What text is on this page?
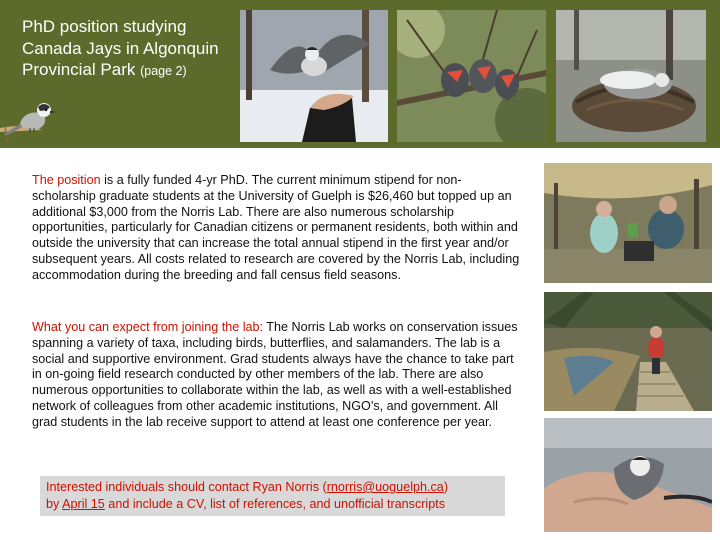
PhD position studying Canada Jays in Algonquin Provincial Park (page 2)
The position is a fully funded 4-yr PhD. The current minimum stipend for non-scholarship graduate students at the University of Guelph is $26,460 but topped up an additional $3,000 from the Norris Lab. There are also numerous scholarship opportunities, particularly for Canadian citizens or permanent residents, both within and outside the university that can increase the total annual stipend in the first year and/or subsequent years. All costs related to research are covered by the Norris Lab, including accommodation during the breeding and fall census field seasons.
What you can expect from joining the lab: The Norris Lab works on conservation issues spanning a variety of taxa, including birds, butterflies, and salamanders. The lab is a social and supportive environment. Grad students always have the chance to take part in on-going field research conducted by other members of the lab. There are also numerous opportunities to collaborate within the lab, as well as with a well-established network of colleagues from other academic institutions, NGO’s, and government. All grad students in the lab receive support to attend at least one conference per year.
Interested individuals should contact Ryan Norris (rnorris@uoguelph.ca)
by April 15 and include a CV, list of references, and unofficial transcripts
